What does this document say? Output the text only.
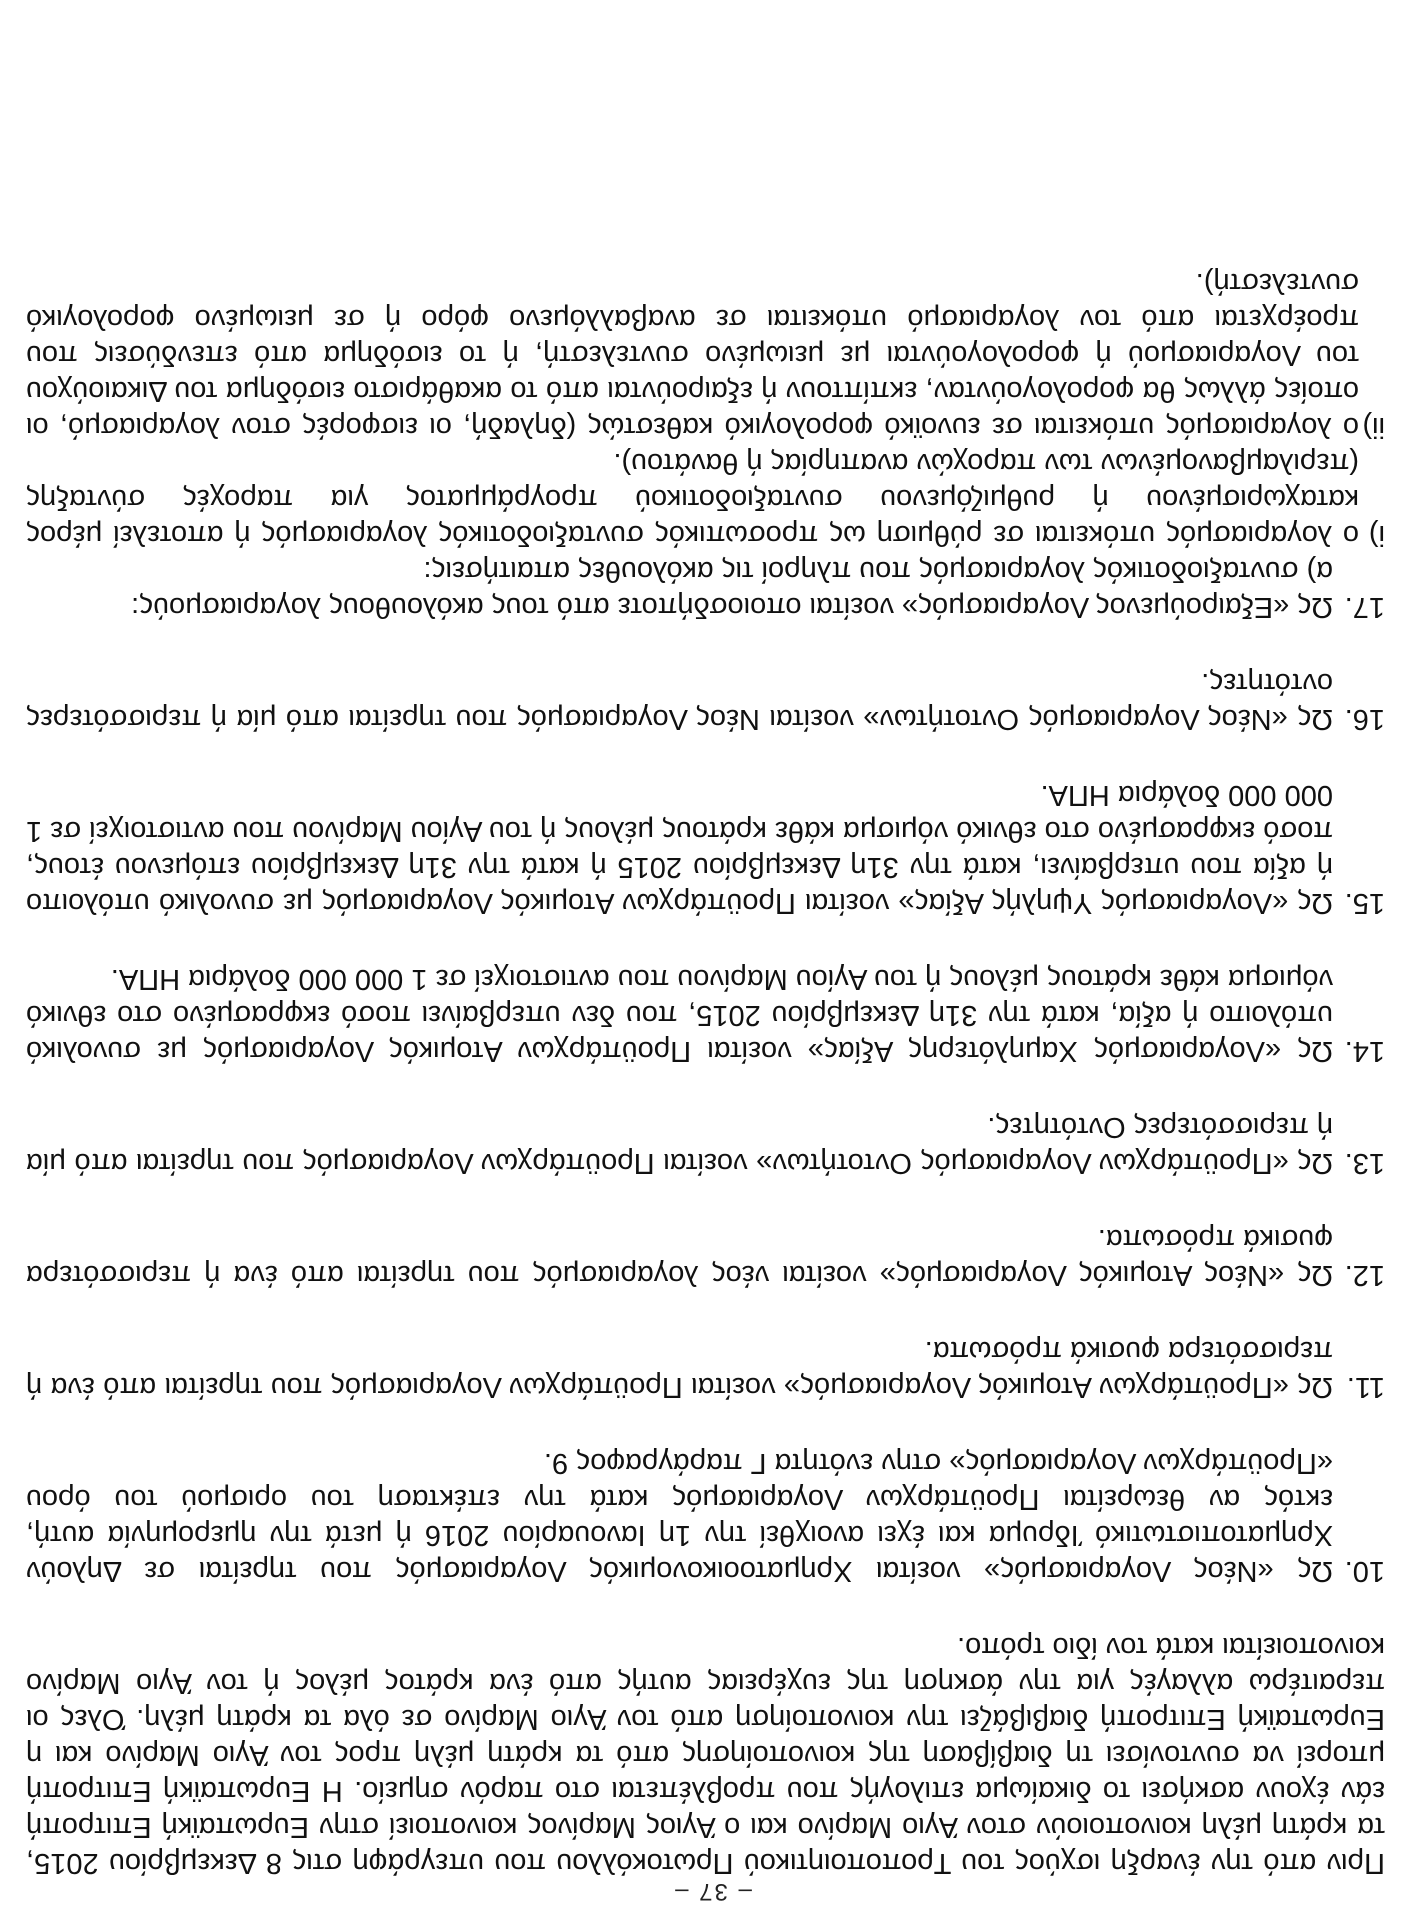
– 37 –

Πριν από την έναρξη ισχύος του Τροποποιητικού Πρωτοκόλλου που υπεγράφη στις 8 Δεκεμβρίου 2015, τα κράτη μέλη κοινοποιούν στον Άγιο Μαρίνο και ο Άγιος Μαρίνος κοινοποιεί στην Ευρωπαϊκή Επιτροπή εάν έχουν ασκήσει το δικαίωμα επιλογής που προβλέπεται στο παρόν σημείο. Η Ευρωπαϊκή Επιτροπή μπορεί να συντονίσει τη διαβίβαση της κοινοποίησης από τα κράτη μέλη προς τον Άγιο Μαρίνο και η Ευρωπαϊκή Επιτροπή διαβιβάζει την κοινοποίηση από τον Άγιο Μαρίνο σε όλα τα κράτη μέλη. Όλες οι περαιτέρω αλλαγές για την άσκηση της ευχέρειας αυτής από ένα κράτος μέλος ή τον Άγιο Μαρίνο κοινοποιείται κατά τον ίδιο τρόπο.

10.
Ως «Νέος Λογαριασμός» νοείται Χρηματοοικονομικός Λογαριασμός που τηρείται σε Δηλούν Χρηματοπιστωτικό Ίδρυμα και έχει ανοιχθεί την 1η Ιανουαρίου 2016 ή μετά την ημερομηνία αυτή, εκτός αν θεωρείται Προϋπάρχων Λογαριασμός κατά την επέκταση του ορισμού του όρου «Προϋπάρχων Λογαριασμός» στην ενότητα Γ παράγραφος 9.
11.
Ως «Προϋπάρχων Ατομικός Λογαριασμός» νοείται Προϋπάρχων Λογαριασμός που τηρείται από ένα ή περισσότερα φυσικά πρόσωπα.
12.
Ως «Νέος Ατομικός Λογαριασμός» νοείται νέος λογαριασμός που τηρείται από ένα ή περισσότερα φυσικά πρόσωπα.
13.
Ως «Προϋπάρχων Λογαριασμός Οντοτήτων» νοείται Προϋπάρχων Λογαριασμός που τηρείται από μία ή περισσότερες Οντότητες.
14.
Ως «Λογαριασμός Χαμηλότερης Αξίας» νοείται Προϋπάρχων Ατομικός Λογαριασμός με συνολικό υπόλοιπο ή αξία, κατά την 31η Δεκεμβρίου 2015, που δεν υπερβαίνει ποσό εκφρασμένο στο εθνικό νόμισμα κάθε κράτους μέλους ή του Αγίου Μαρίνου που αντιστοιχεί σε 1 000 000 δολάρια ΗΠΑ.
15.
Ως «Λογαριασμός Υψηλής Αξίας» νοείται Προϋπάρχων Ατομικός Λογαριασμός με συνολικό υπόλοιπο ή αξία που υπερβαίνει, κατά την 31η Δεκεμβρίου 2015 ή κατά την 31η Δεκεμβρίου επόμενου έτους, ποσό εκφρασμένο στο εθνικό νόμισμα κάθε κράτους μέλους ή του Αγίου Μαρίνου που αντιστοιχεί σε 1 000 000 δολάρια ΗΠΑ.
16.
Ως «Νέος Λογαριασμός Οντοτήτων» νοείται Νέος Λογαριασμός που τηρείται από μία ή περισσότερες οντότητες.
17.
Ως «Εξαιρούμενος Λογαριασμός» νοείται οποιοσδήποτε από τους ακόλουθους λογαριασμούς:
α) συνταξιοδοτικός λογαριασμός που πληροί τις ακόλουθες απαιτήσεις:
i)
ο λογαριασμός υπόκειται σε ρύθμιση ως προσωπικός συνταξιοδοτικός λογαριασμός ή αποτελεί μέρος καταχωρισμένου ή ρυθμιζόμενου συνταξιοδοτικού προγράμματος για παροχές σύνταξης (περιλαμβανομένων των παροχών αναπηρίας ή θανάτου).
ii)
ο λογαριασμός υπόκειται σε ευνοϊκό φορολογικό καθεστώς (δηλαδή, οι εισφορές στον λογαριασμό, οι οποίες άλλως θα φορολογούνταν, εκπίπτουν ή εξαιρούνται από το ακαθάριστο εισόδημα του Δικαιούχου του Λογαριασμού ή φορολογούνται με μειωμένο συντελεστή, ή το εισόδημα από επενδύσεις που προέρχεται από τον λογαριασμό υπόκειται σε αναβαλλόμενο φόρο ή σε μειωμένο φορολογικό συντελεστή).
